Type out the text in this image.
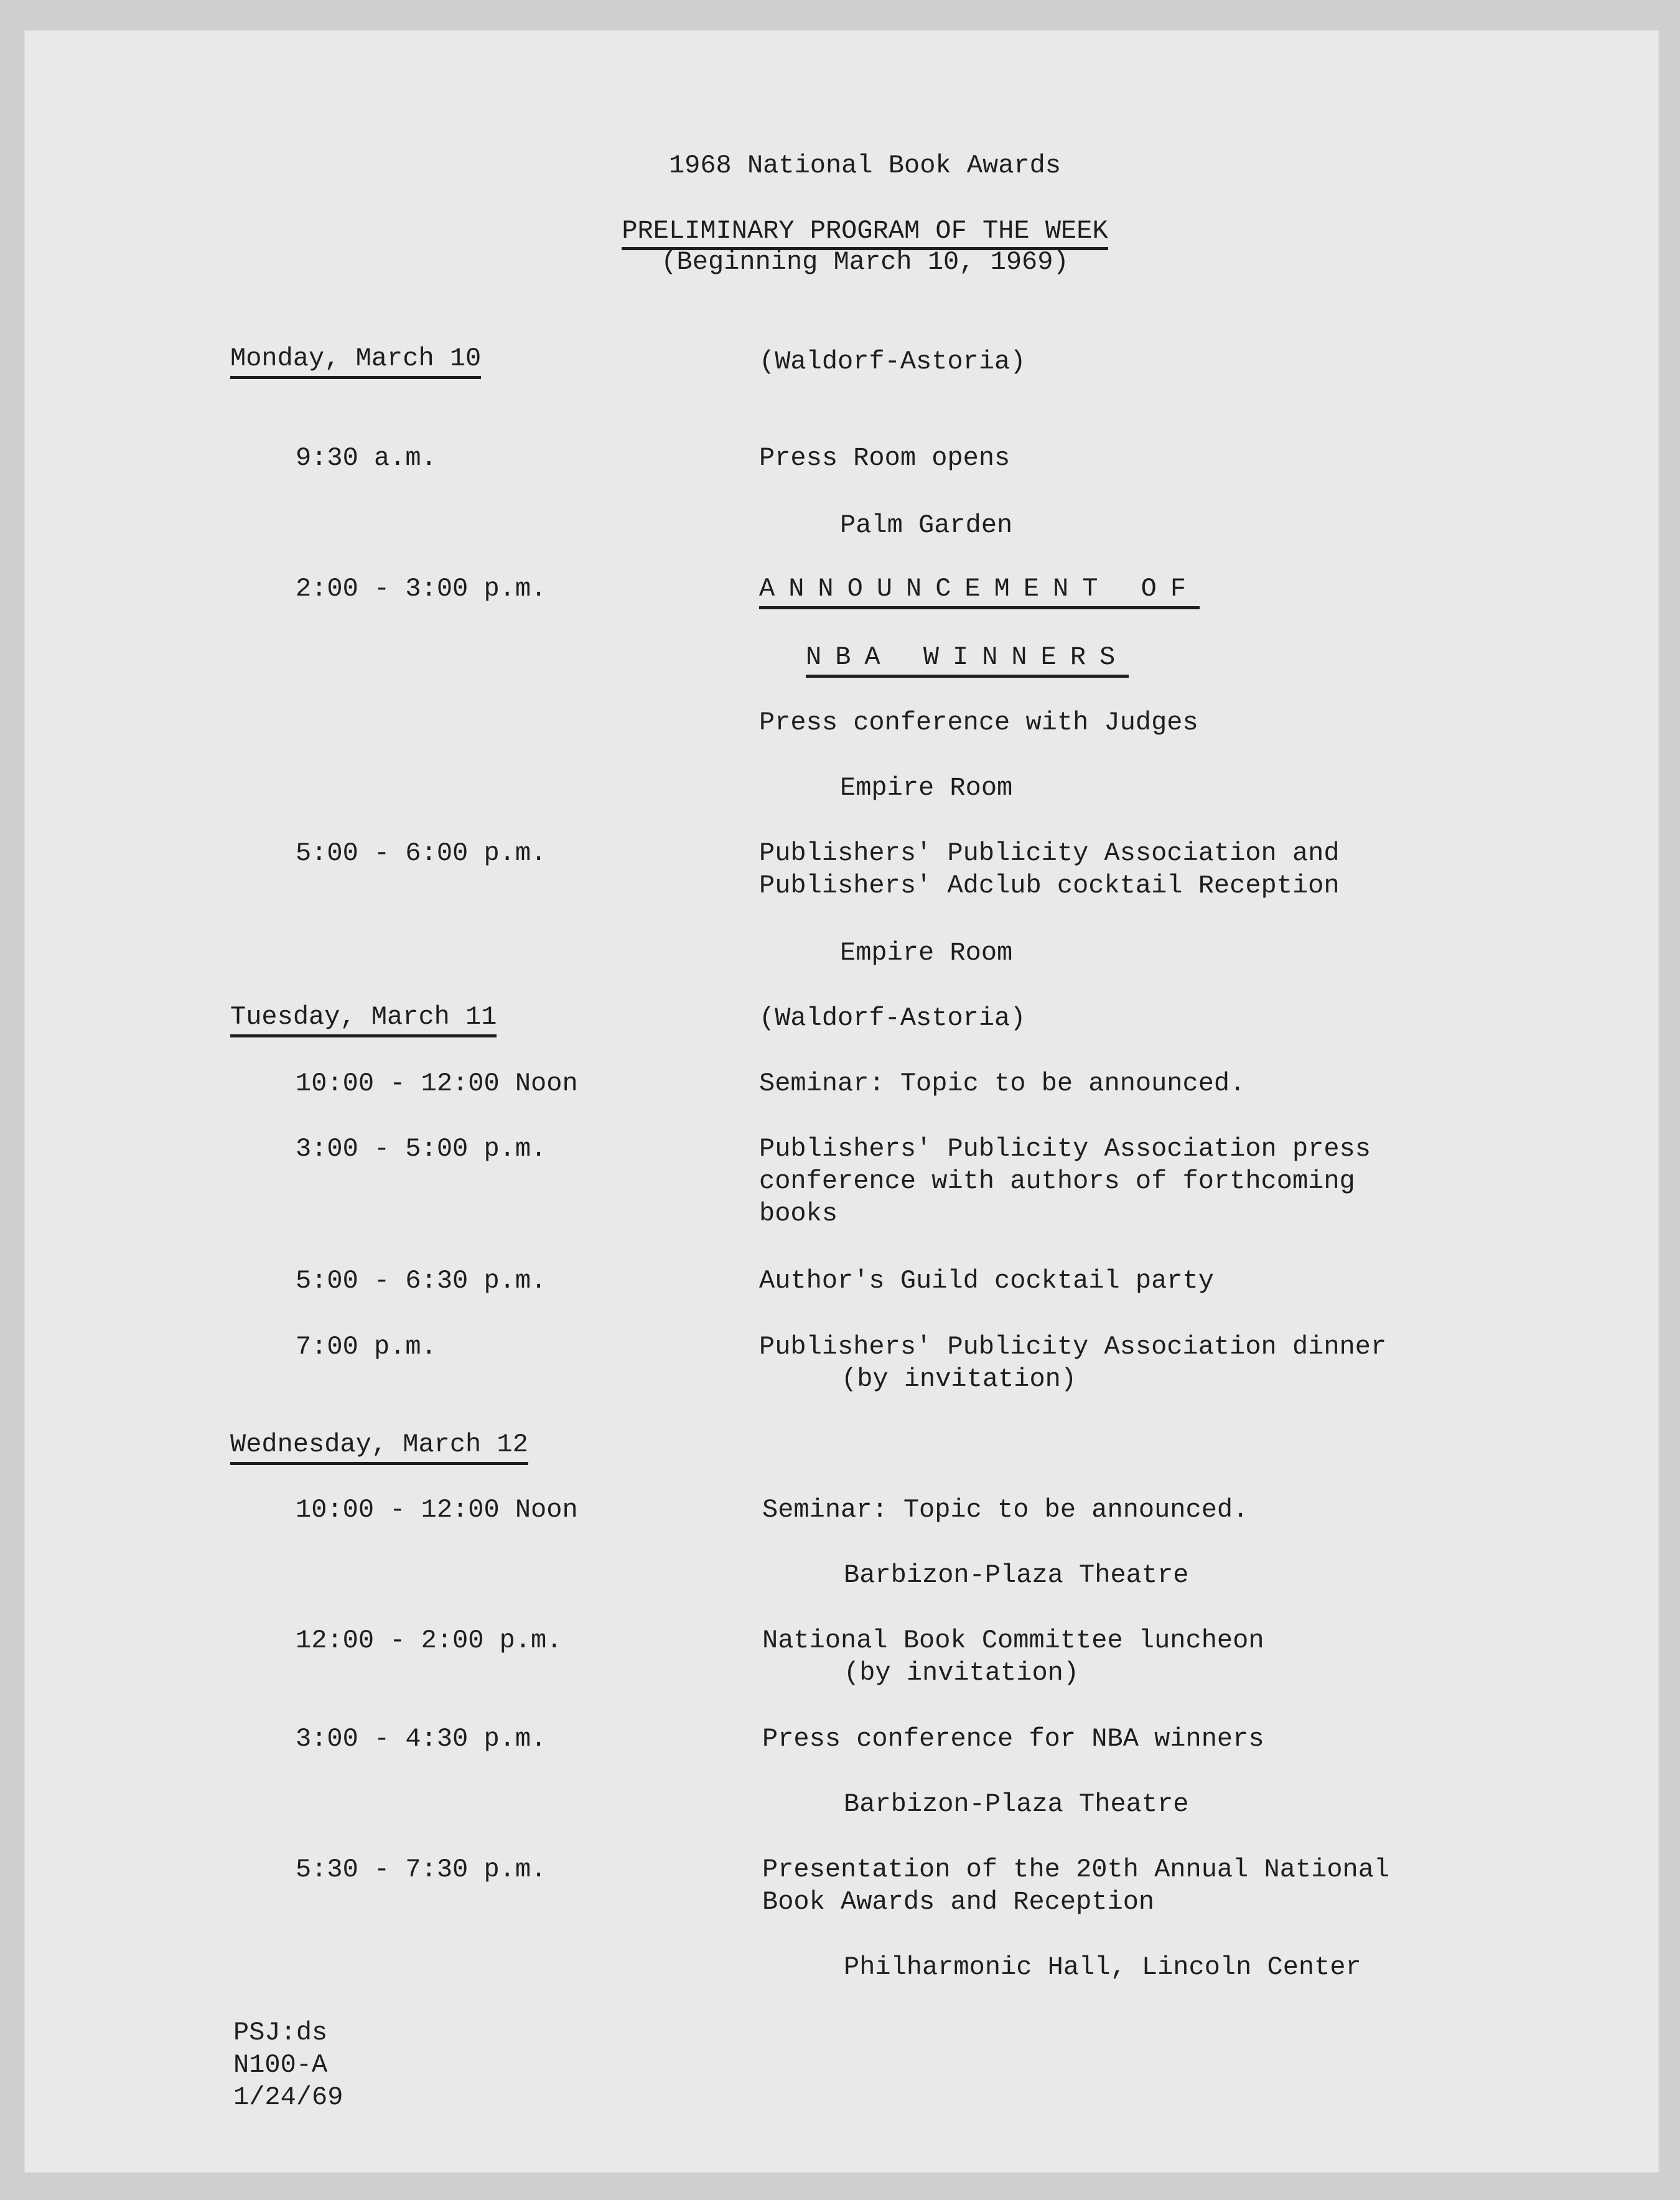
1968 National Book Awards
PRELIMINARY PROGRAM OF THE WEEK
(Beginning March 10, 1969)
Monday, March 10	(Waldorf-Astoria)
9:30 a.m.	Press Room opens
Palm Garden
2:00 - 3:00 p.m.	ANNOUNCEMENT OF
NBA WINNERS
Press conference with Judges
Empire Room
5:00 - 6:00 p.m.	Publishers' Publicity Association and
Publishers' Adclub cocktail Reception
Empire Room
Tuesday, March 11	(Waldorf-Astoria)
10:00 - 12:00 Noon	Seminar: Topic to be announced.
3:00 - 5:00 p.m.	Publishers' Publicity Association press
conference with authors of forthcoming
books
5:00 - 6:30 p.m.	Author's Guild cocktail party
7:00 p.m.	Publishers' Publicity Association dinner
(by invitation)
Wednesday, March 12
10:00 - 12:00 Noon	Seminar: Topic to be announced.
Barbizon-Plaza Theatre
12:00 - 2:00 p.m.	National Book Committee luncheon
(by invitation)
3:00 - 4:30 p.m.	Press conference for NBA winners
Barbizon-Plaza Theatre
5:30 - 7:30 p.m.	Presentation of the 20th Annual National
Book Awards and Reception
Philharmonic Hall, Lincoln Center
PSJ:ds
N100-A
1/24/69
